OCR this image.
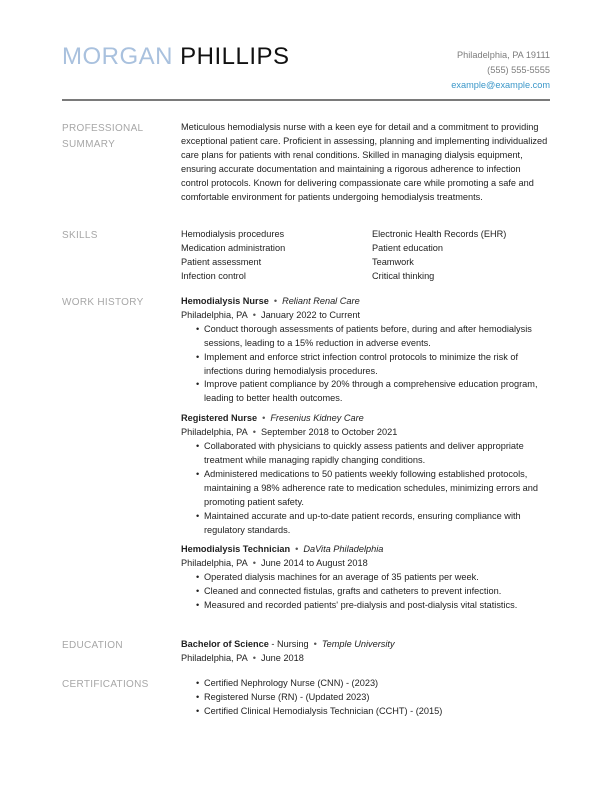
MORGAN PHILLIPS	Philadelphia, PA 19111
(555) 555-5555
example@example.com
PROFESSIONAL
SUMMARY

Meticulous hemodialysis nurse with a keen eye for detail and a commitment to providing exceptional patient care. Proficient in assessing, planning and implementing individualized care plans for patients with renal conditions. Skilled in managing dialysis equipment, ensuring accurate documentation and maintaining a rigorous adherence to infection control protocols. Known for delivering compassionate care while promoting a safe and comfortable environment for patients undergoing hemodialysis treatments.

SKILLS	Hemodialysis procedures	Electronic Health Records (EHR)
Medication administration	Patient education
Patient assessment	Teamwork
Infection control	Critical thinking
WORK HISTORY	Hemodialysis Nurse • Reliant Renal Care
Philadelphia, PA • January 2022 to Current
• Conduct thorough assessments of patients before, during and after hemodialysis sessions, leading to a 15% reduction in adverse events.
• Implement and enforce strict infection control protocols to minimize the risk of infections during hemodialysis procedures.
• Improve patient compliance by 20% through a comprehensive education program, leading to better health outcomes.
Registered Nurse • Fresenius Kidney Care
Philadelphia, PA • September 2018 to October 2021
• Collaborated with physicians to quickly assess patients and deliver appropriate treatment while managing rapidly changing conditions.
• Administered medications to 50 patients weekly following established protocols, maintaining a 98% adherence rate to medication schedules, minimizing errors and promoting patient safety.
• Maintained accurate and up-to-date patient records, ensuring compliance with regulatory standards.
Hemodialysis Technician • DaVita Philadelphia
Philadelphia, PA • June 2014 to August 2018
• Operated dialysis machines for an average of 35 patients per week.
• Cleaned and connected fistulas, grafts and catheters to prevent infection.
• Measured and recorded patients' pre-dialysis and post-dialysis vital statistics.
EDUCATION	Bachelor of Science - Nursing • Temple University
Philadelphia, PA • June 2018
CERTIFICATIONS	• Certified Nephrology Nurse (CNN) - (2023)
• Registered Nurse (RN) - (Updated 2023)
• Certified Clinical Hemodialysis Technician (CCHT) - (2015)
